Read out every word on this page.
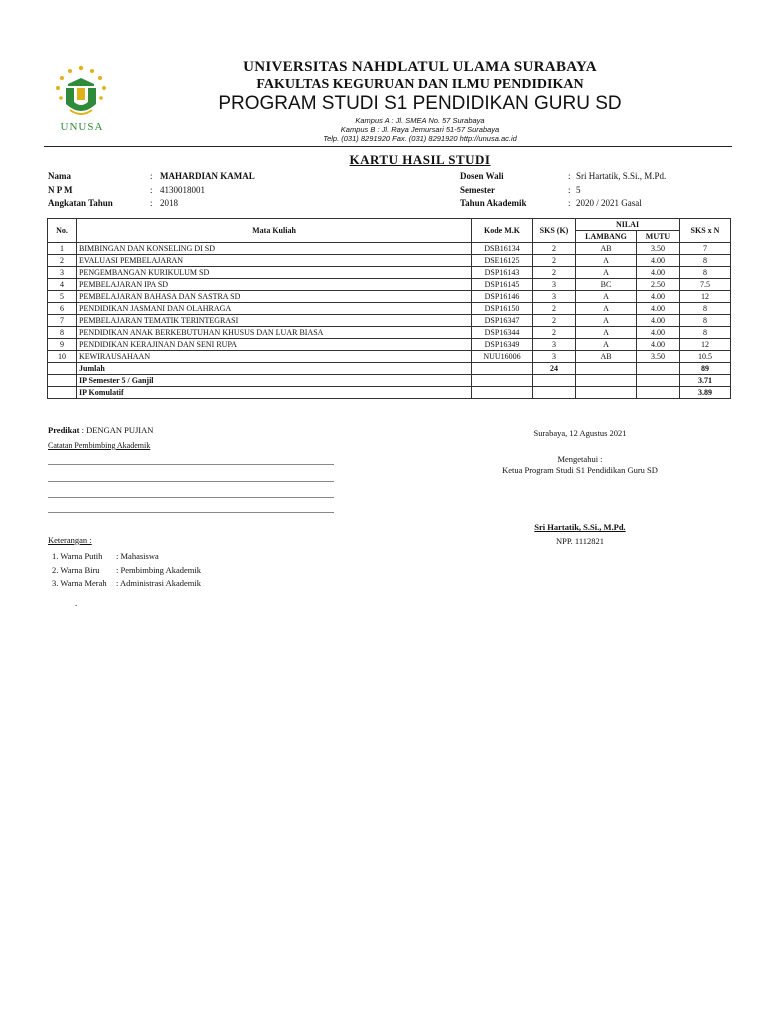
UNUSA
UNIVERSITAS NAHDLATUL ULAMA SURABAYA
FAKULTAS KEGURUAN DAN ILMU PENDIDIKAN
PROGRAM STUDI S1 PENDIDIKAN GURU SD
Kampus A : Jl. SMEA No. 57 Surabaya
Kampus B : Jl. Raya Jemursari 51-57 Surabaya
Telp. (031) 8291920 Fax. (031) 8291920 http://unusa.ac.id
KARTU HASIL STUDI
Nama	: MAHARDIAN KAMAL
N P M	: 4130018001
Angkatan Tahun	: 2018
Dosen Wali	: Sri Hartatik, S.Si., M.Pd.
Semester	: 5
Tahun Akademik	: 2020 / 2021 Gasal
No.	Mata Kuliah	Kode M.K	SKS (K)	NILAI		SKS x N
				LAMBANG	MUTU	
1	BIMBINGAN DAN KONSELING DI SD	DSB16134	2	AB	3.50	7
2	EVALUASI PEMBELAJARAN	DSE16125	2	A	4.00	8
3	PENGEMBANGAN KURIKULUM SD	DSP16143	2	A	4.00	8
4	PEMBELAJARAN IPA SD	DSP16145	3	BC	2.50	7.5
5	PEMBELAJARAN BAHASA DAN SASTRA SD	DSP16146	3	A	4.00	12
6	PENDIDIKAN JASMANI DAN OLAHRAGA	DSP16150	2	A	4.00	8
7	PEMBELAJARAN TEMATIK TERINTEGRASI	DSP16347	2	A	4.00	8
8	PENDIDIKAN ANAK BERKEBUTUHAN KHUSUS DAN LUAR BIASA	DSP16344	2	A	4.00	8
9	PENDIDIKAN KERAJINAN DAN SENI RUPA	DSP16349	3	A	4.00	12
10	KEWIRAUSAHAAN	NUU16006	3	AB	3.50	10.5
	Jumlah		24			89
	IP Semester 5 / Ganjil					3.71
	IP Komulatif					3.89
Predikat : DENGAN PUJIAN
Catatan Pembimbing Akademik
Keterangan :
1. Warna Putih : Mahasiswa
2. Warna Biru : Pembimbing Akademik
3. Warna Merah : Administrasi Akademik
.
Surabaya, 12 Agustus 2021
Mengetahui :
Ketua Program Studi S1 Pendidikan Guru SD
Sri Hartatik, S.Si., M.Pd.
NPP. 1112821
